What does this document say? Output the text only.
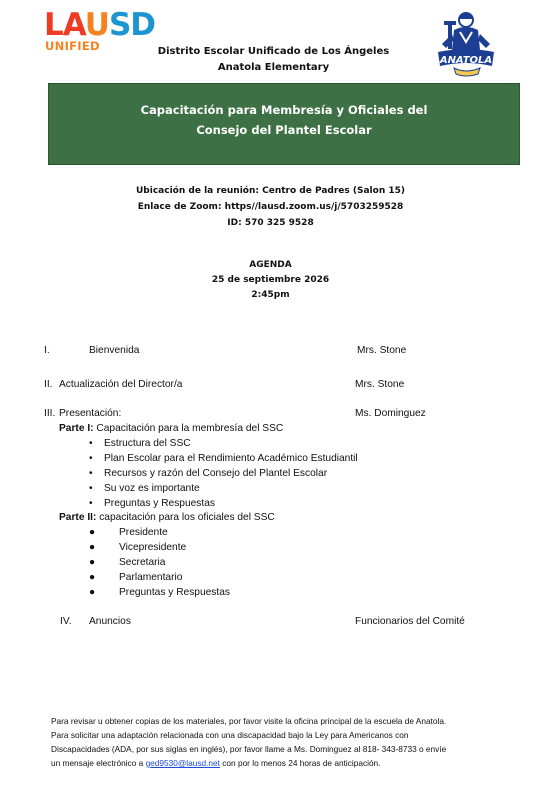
LAUSD
UNIFIED	Distrito Escolar Unificado de Los Ángeles
Anatola Elementary
ANATOLA
Capacitación para Membresía y Oficiales del
Consejo del Plantel Escolar
Ubicación de la reunión: Centro de Padres (Salon 15)
Enlace de Zoom: https//lausd.zoom.us/j/5703259528
ID: 570 325 9528
AGENDA
25 de septiembre 2026
2:45pm
I.	Bienvenida	Mrs. Stone
II. Actualización del Director/a	Mrs. Stone
III. Presentación:	Ms. Dominguez
Parte I: Capacitación para la membresía del SSC
• Estructura del SSC
• Plan Escolar para el Rendimiento Académico Estudiantil
• Recursos y razón del Consejo del Plantel Escolar
• Su voz es importante
• Preguntas y Respuestas
Parte II: capacitación para los oficiales del SSC
● Presidente
● Vicepresidente
● Secretaria
● Parlamentario
● Preguntas y Respuestas
IV. Anuncios	Funcionarios del Comité
Para revisar u obtener copias de los materiales, por favor visite la oficina principal de la escuela de Anatola.
Para solicitar una adaptación relacionada con una discapacidad bajo la Ley para Americanos con
Discapacidades (ADA, por sus siglas en inglés), por favor llame a Ms. Dominguez al 818- 343-8733 o envíe
un mensaje electrónico a ged9530@lausd.net con por lo menos 24 horas de anticipación.
